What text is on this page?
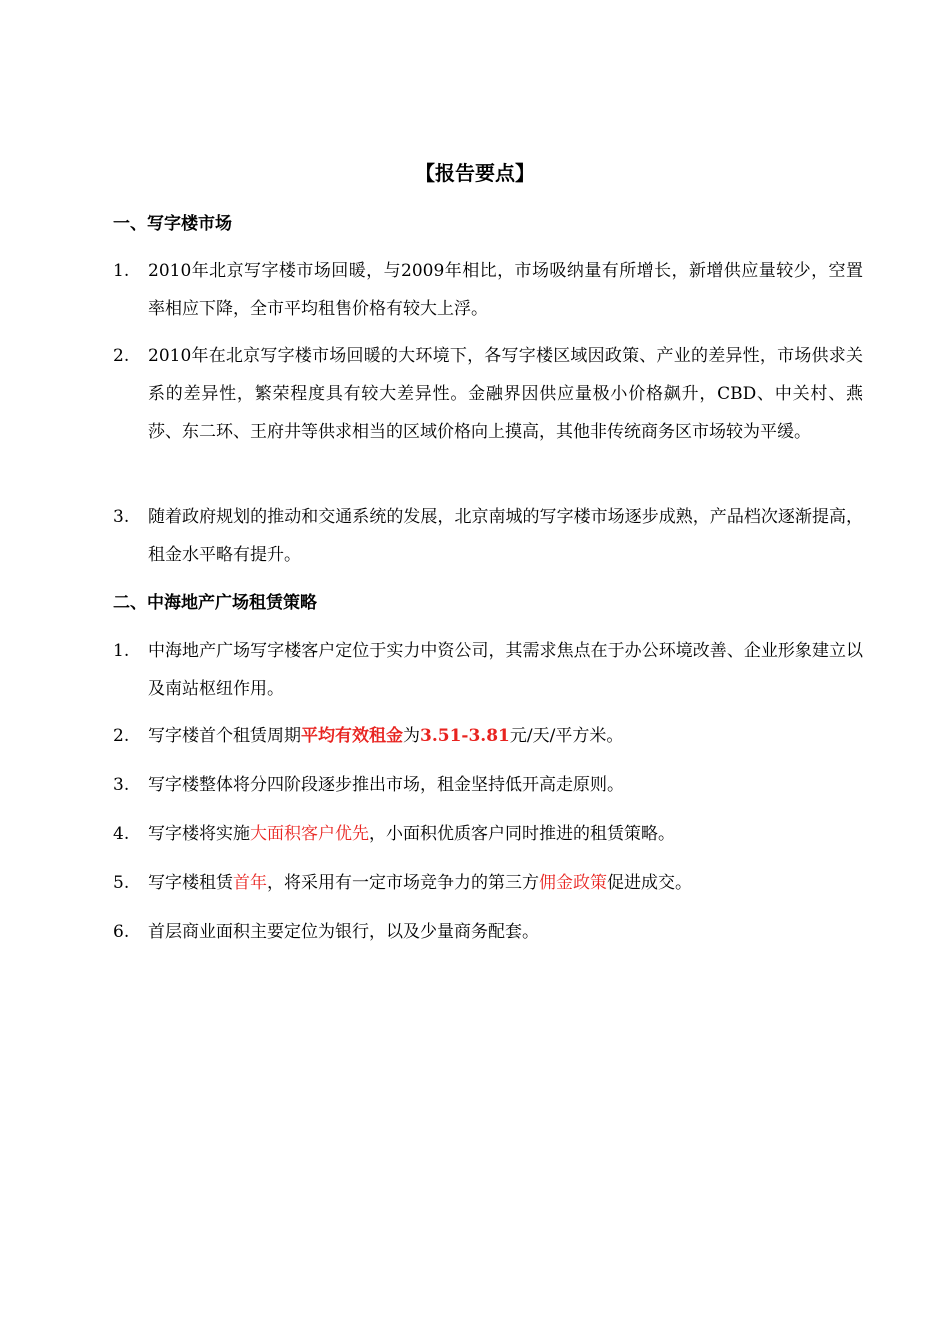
【报告要点】
一、写字楼市场
1.	2010年北京写字楼市场回暖，与2009年相比，市场吸纳量有所增长，新增供应量较少，空置率相应下降，全市平均租售价格有较大上浮。
2.	2010年在北京写字楼市场回暖的大环境下，各写字楼区域因政策、产业的差异性，市场供求关系的差异性，繁荣程度具有较大差异性。金融界因供应量极小价格飙升，CBD、中关村、燕莎、东二环、王府井等供求相当的区域价格向上摸高，其他非传统商务区市场较为平缓。
3.	随着政府规划的推动和交通系统的发展，北京南城的写字楼市场逐步成熟，产品档次逐渐提高，租金水平略有提升。
二、中海地产广场租赁策略
1.	中海地产广场写字楼客户定位于实力中资公司，其需求焦点在于办公环境改善、企业形象建立以及南站枢纽作用。
2.	写字楼首个租赁周期平均有效租金为3.51-3.81元/天/平方米。
3.	写字楼整体将分四阶段逐步推出市场，租金坚持低开高走原则。
4.	写字楼将实施大面积客户优先，小面积优质客户同时推进的租赁策略。
5.	写字楼租赁首年，将采用有一定市场竞争力的第三方佣金政策促进成交。
6.	首层商业面积主要定位为银行，以及少量商务配套。
